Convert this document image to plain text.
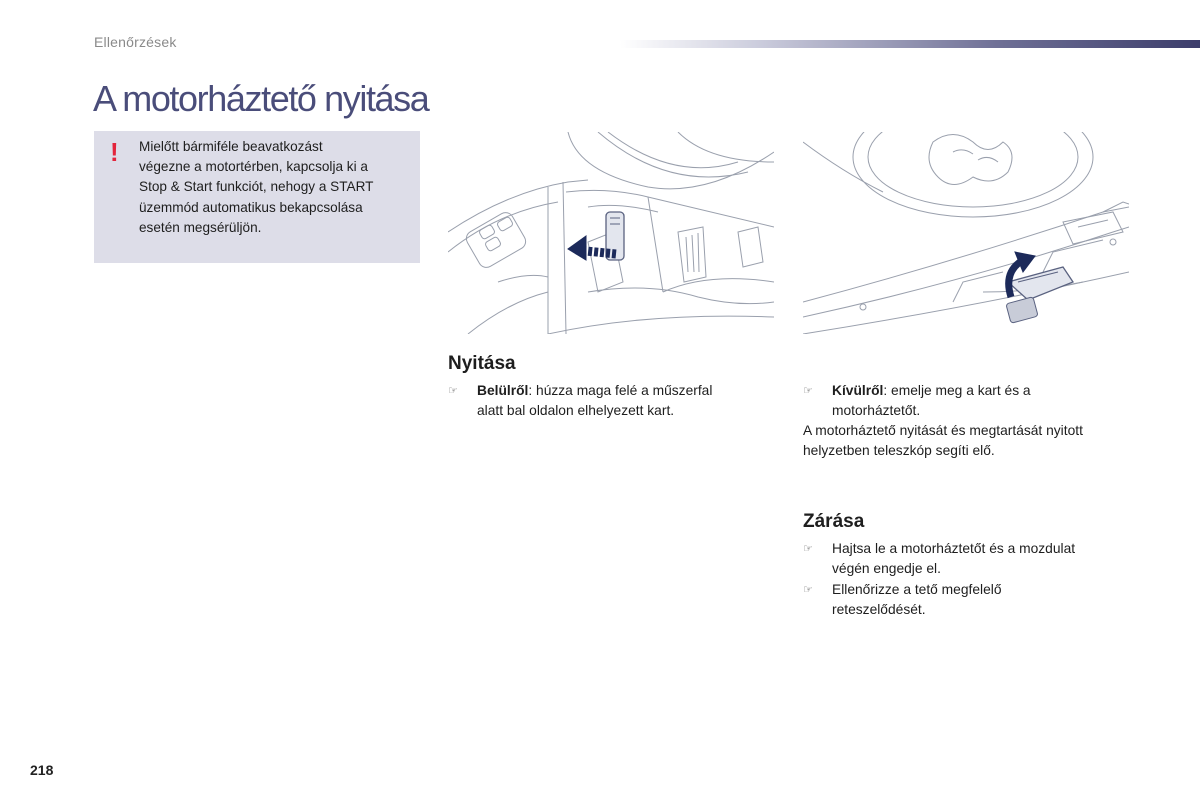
Ellenőrzések
A motorháztető nyitása
! Mielőtt bármiféle beavatkozást
végezne a motortérben, kapcsolja ki a
Stop & Start funkciót, nehogy a START
üzemmód automatikus bekapcsolása
esetén megsérüljön.
Nyitása
☞ Belülről: húzza maga felé a műszerfal
alatt bal oldalon elhelyezett kart.
☞ Kívülről: emelje meg a kart és a
motorháztetőt.
A motorháztető nyitását és megtartását nyitott
helyzetben teleszkóp segíti elő.
Zárása
☞ Hajtsa le a motorháztetőt és a mozdulat
végén engedje el.
☞ Ellenőrizze a tető megfelelő
reteszelődését.
218
